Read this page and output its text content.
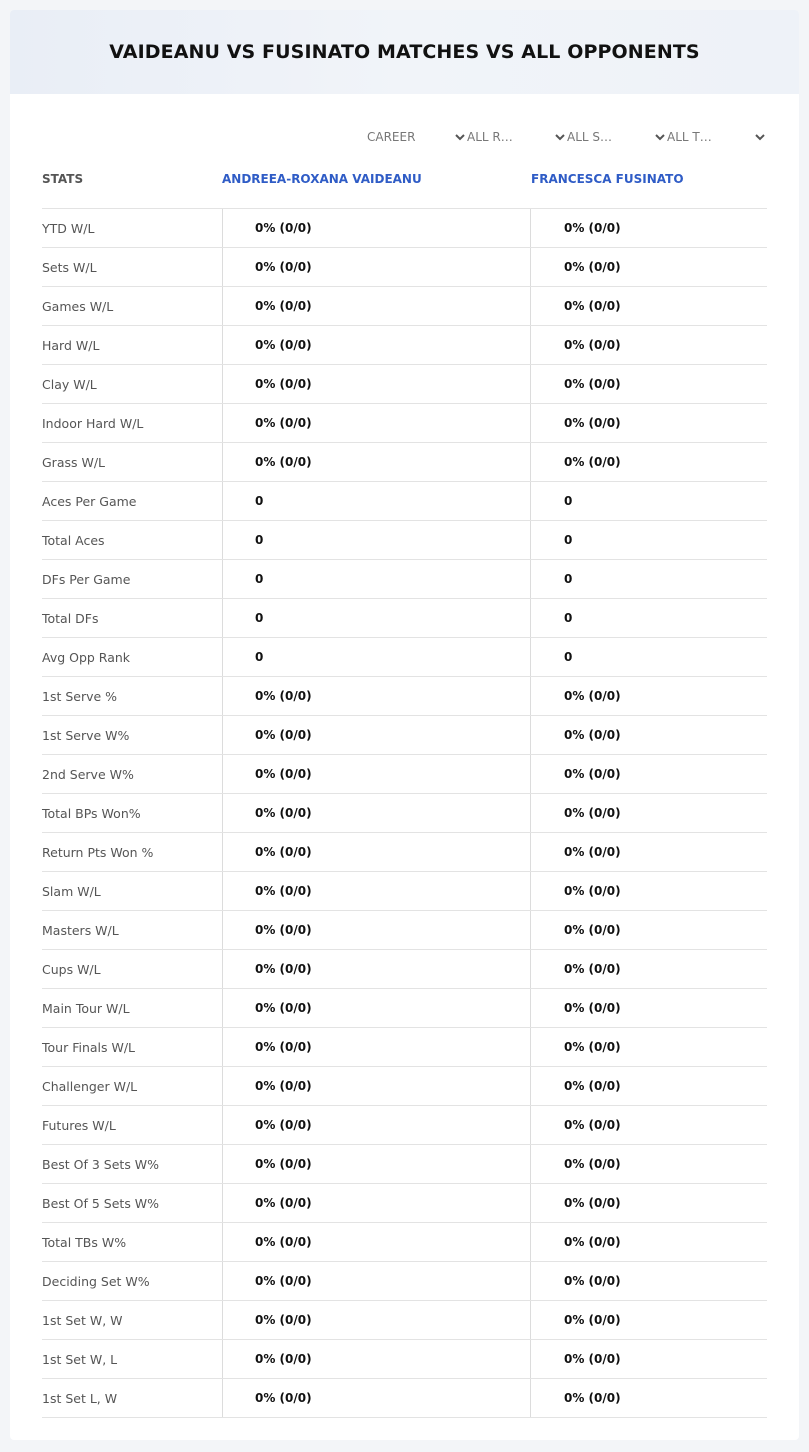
VAIDEANU VS FUSINATO MATCHES VS ALL OPPONENTS
CAREER	ALL R…	ALL S…	ALL T…
STATS	ANDREEA-ROXANA VAIDEANU	FRANCESCA FUSINATO
YTD W/L	0% (0/0)	0% (0/0)
Sets W/L	0% (0/0)	0% (0/0)
Games W/L	0% (0/0)	0% (0/0)
Hard W/L	0% (0/0)	0% (0/0)
Clay W/L	0% (0/0)	0% (0/0)
Indoor Hard W/L	0% (0/0)	0% (0/0)
Grass W/L	0% (0/0)	0% (0/0)
Aces Per Game	0	0
Total Aces	0	0
DFs Per Game	0	0
Total DFs	0	0
Avg Opp Rank	0	0
1st Serve %	0% (0/0)	0% (0/0)
1st Serve W%	0% (0/0)	0% (0/0)
2nd Serve W%	0% (0/0)	0% (0/0)
Total BPs Won%	0% (0/0)	0% (0/0)
Return Pts Won %	0% (0/0)	0% (0/0)
Slam W/L	0% (0/0)	0% (0/0)
Masters W/L	0% (0/0)	0% (0/0)
Cups W/L	0% (0/0)	0% (0/0)
Main Tour W/L	0% (0/0)	0% (0/0)
Tour Finals W/L	0% (0/0)	0% (0/0)
Challenger W/L	0% (0/0)	0% (0/0)
Futures W/L	0% (0/0)	0% (0/0)
Best Of 3 Sets W%	0% (0/0)	0% (0/0)
Best Of 5 Sets W%	0% (0/0)	0% (0/0)
Total TBs W%	0% (0/0)	0% (0/0)
Deciding Set W%	0% (0/0)	0% (0/0)
1st Set W, W	0% (0/0)	0% (0/0)
1st Set W, L	0% (0/0)	0% (0/0)
1st Set L, W	0% (0/0)	0% (0/0)
